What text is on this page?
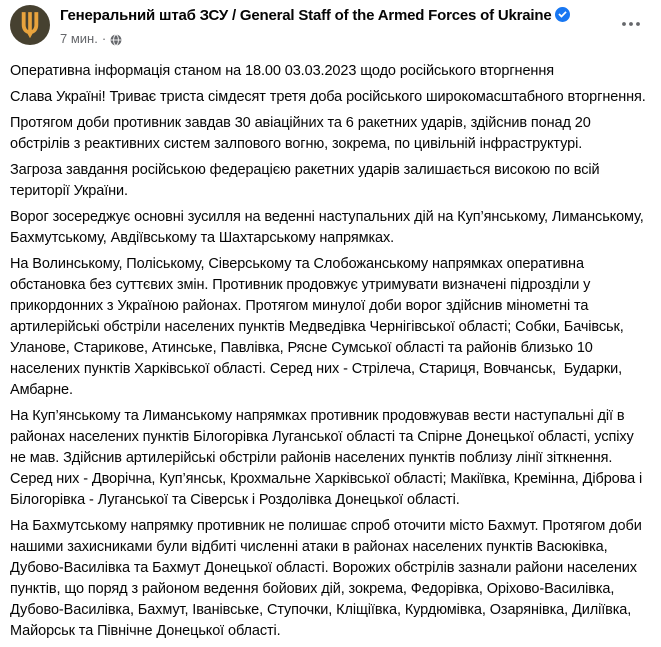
Генеральний штаб ЗСУ / General Staff of the Armed Forces of Ukraine
7 мин. ·

Оперативна інформація станом на 18.00 03.03.2023 щодо російського вторгнення

Слава Україні! Триває триста сімдесят третя доба російського широкомасштабного вторгнення.

Протягом доби противник завдав 30 авіаційних та 6 ракетних ударів, здійснив понад 20 обстрілів з реактивних систем залпового вогню, зокрема, по цивільній інфраструктурі.

Загроза завдання російською федерацією ракетних ударів залишається високою по всій території України.

Ворог зосереджує основні зусилля на веденні наступальних дій на Куп’янському, Лиманському, Бахмутському, Авдіївському та Шахтарському напрямках.

На Волинському, Поліському, Сіверському та Слобожанському напрямках оперативна обстановка без суттєвих змін. Противник продовжує утримувати визначені підрозділи у прикордонних з Україною районах. Протягом минулої доби ворог здійснив мінометні та артилерійські обстріли населених пунктів Медведівка Чернігівської області; Собки, Бачівськ, Уланове, Старикове, Атинське, Павлівка, Рясне Сумської області та районів близько 10 населених пунктів Харківської області. Серед них - Стрілеча, Стариця, Вовчанськ,  Бударки, Амбарне.

На Куп’янському та Лиманському напрямках противник продовжував вести наступальні дії в районах населених пунктів Білогорівка Луганської області та Спірне Донецької області, успіху не мав. Здійснив артилерійські обстріли районів населених пунктів поблизу лінії зіткнення. Серед них - Дворічна, Куп’янськ, Крохмальне Харківської області; Макіївка, Кремінна, Діброва і Білогорівка - Луганської та Сіверськ і Роздолівка Донецької області.

На Бахмутському напрямку противник не полишає спроб оточити місто Бахмут. Протягом доби нашими захисниками були відбиті численні атаки в районах населених пунктів Васюківка, Дубово-Василівка та Бахмут Донецької області. Ворожих обстрілів зазнали райони населених пунктів, що поряд з районом ведення бойових дій, зокрема, Федорівка, Оріхово-Василівка, Дубово-Василівка, Бахмут, Іванівське, Ступочки, Кліщіївка, Курдюмівка, Озарянівка, Диліївка, Майорськ та Північне Донецької області.
